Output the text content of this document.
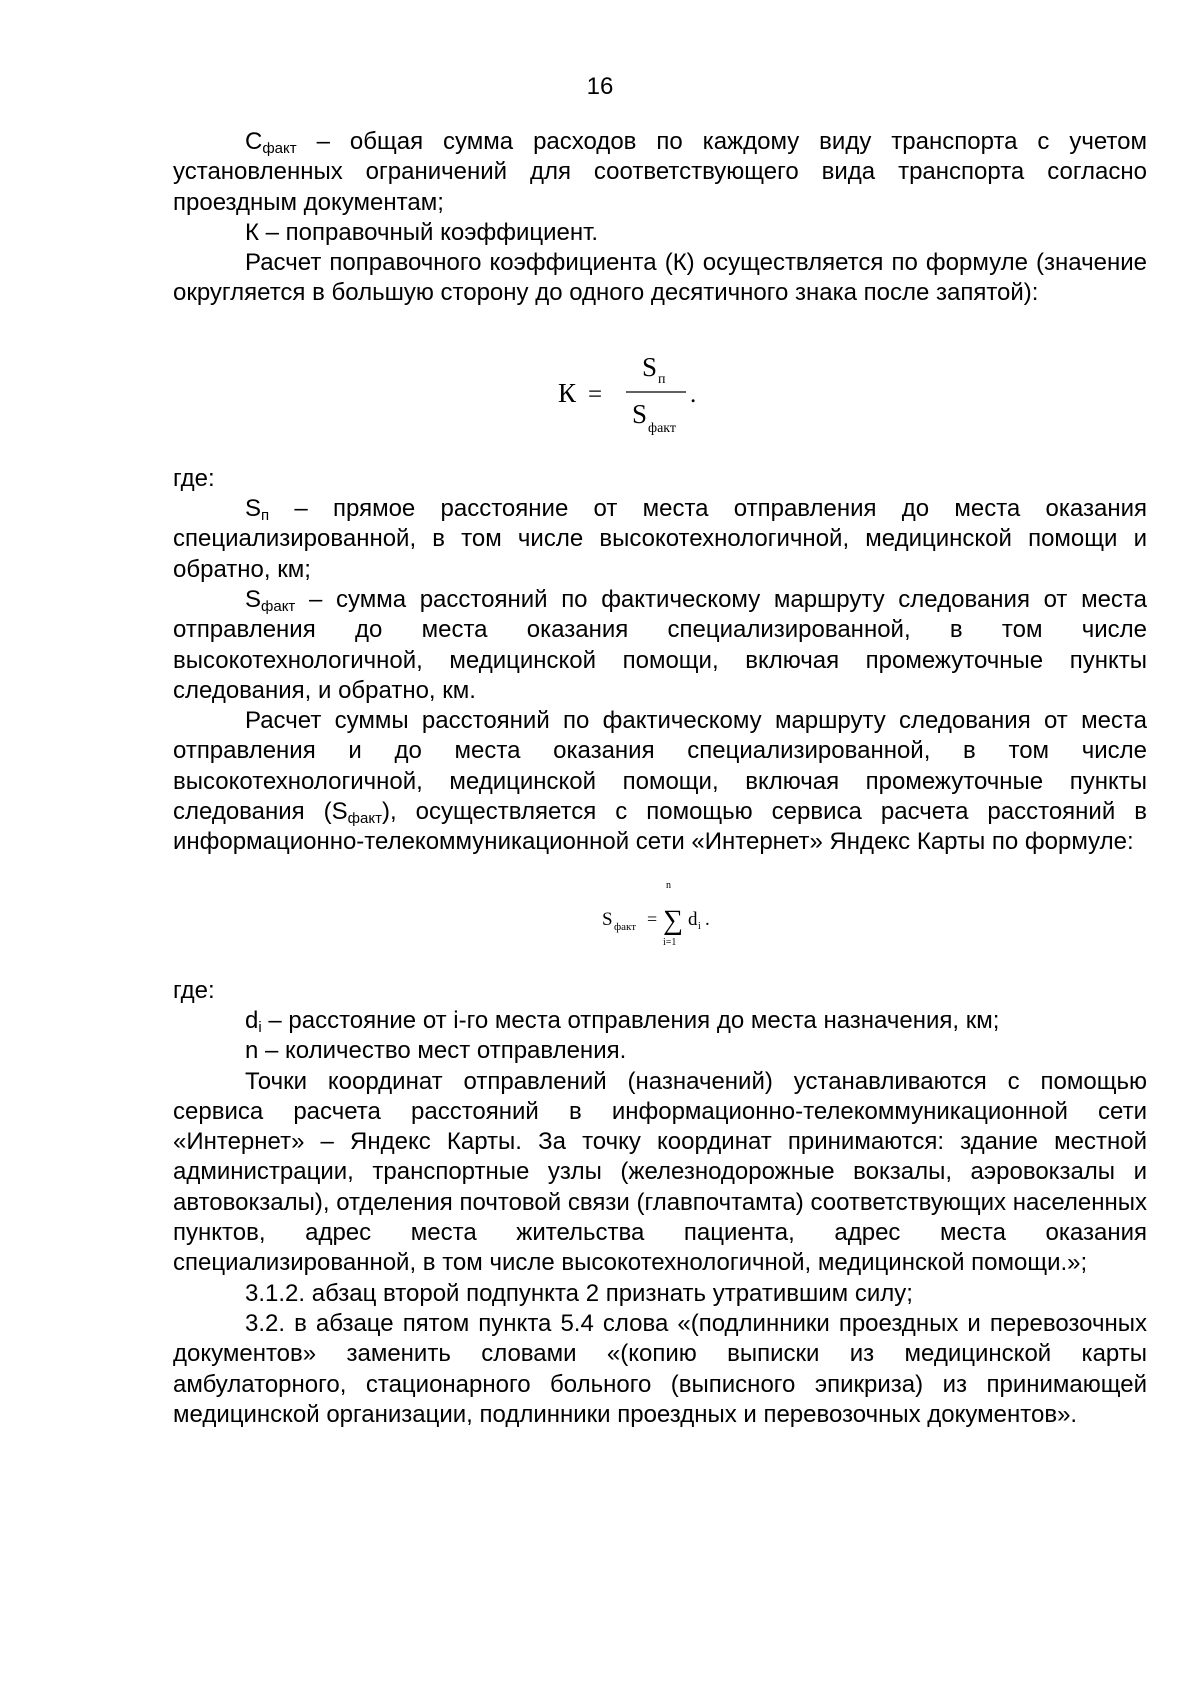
16

$С_{факт}$ – общая сумма расходов по каждому виду транспорта с учетом установленных ограничений для соответствующего вида транспорта согласно проездным документам;

К – поправочный коэффициент.

Расчет поправочного коэффициента (К) осуществляется по формуле (значение округляется в большую сторону до одного десятичного знака после запятой):

К =
S п
S факт
.

где:

$S_п$ – прямое расстояние от места отправления до места оказания специализированной, в том числе высокотехнологичной, медицинской помощи и обратно, км;

$S_{факт}$ – сумма расстояний по фактическому маршруту следования от места отправления до места оказания специализированной, в том числе высокотехнологичной, медицинской помощи, включая промежуточные пункты следования, и обратно, км.

Расчет суммы расстояний по фактическому маршруту следования от места отправления и до места оказания специализированной, в том числе высокотехнологичной, медицинской помощи, включая промежуточные пункты следования $(S_{факт})$, осуществляется с помощью сервиса расчета расстояний в информационно-телекоммуникационной сети «Интернет» Яндекс Карты по формуле:

S факт =
n
∑
i=1
d i .

где:

$d_i$ – расстояние от i-го места отправления до места назначения, км;

n – количество мест отправления.

Точки координат отправлений (назначений) устанавливаются с помощью сервиса расчета расстояний в информационно-телекоммуникационной сети «Интернет» – Яндекс Карты. За точку координат принимаются: здание местной администрации, транспортные узлы (железнодорожные вокзалы, аэровокзалы и автовокзалы), отделения почтовой связи (главпочтамта) соответствующих населенных пунктов, адрес места жительства пациента, адрес места оказания специализированной, в том числе высокотехнологичной, медицинской помощи.»;

3.1.2. абзац второй подпункта 2 признать утратившим силу;

3.2. в абзаце пятом пункта 5.4 слова «(подлинники проездных и перевозочных документов» заменить словами «(копию выписки из медицинской карты амбулаторного, стационарного больного (выписного эпикриза) из принимающей медицинской организации, подлинники проездных и перевозочных документов».
